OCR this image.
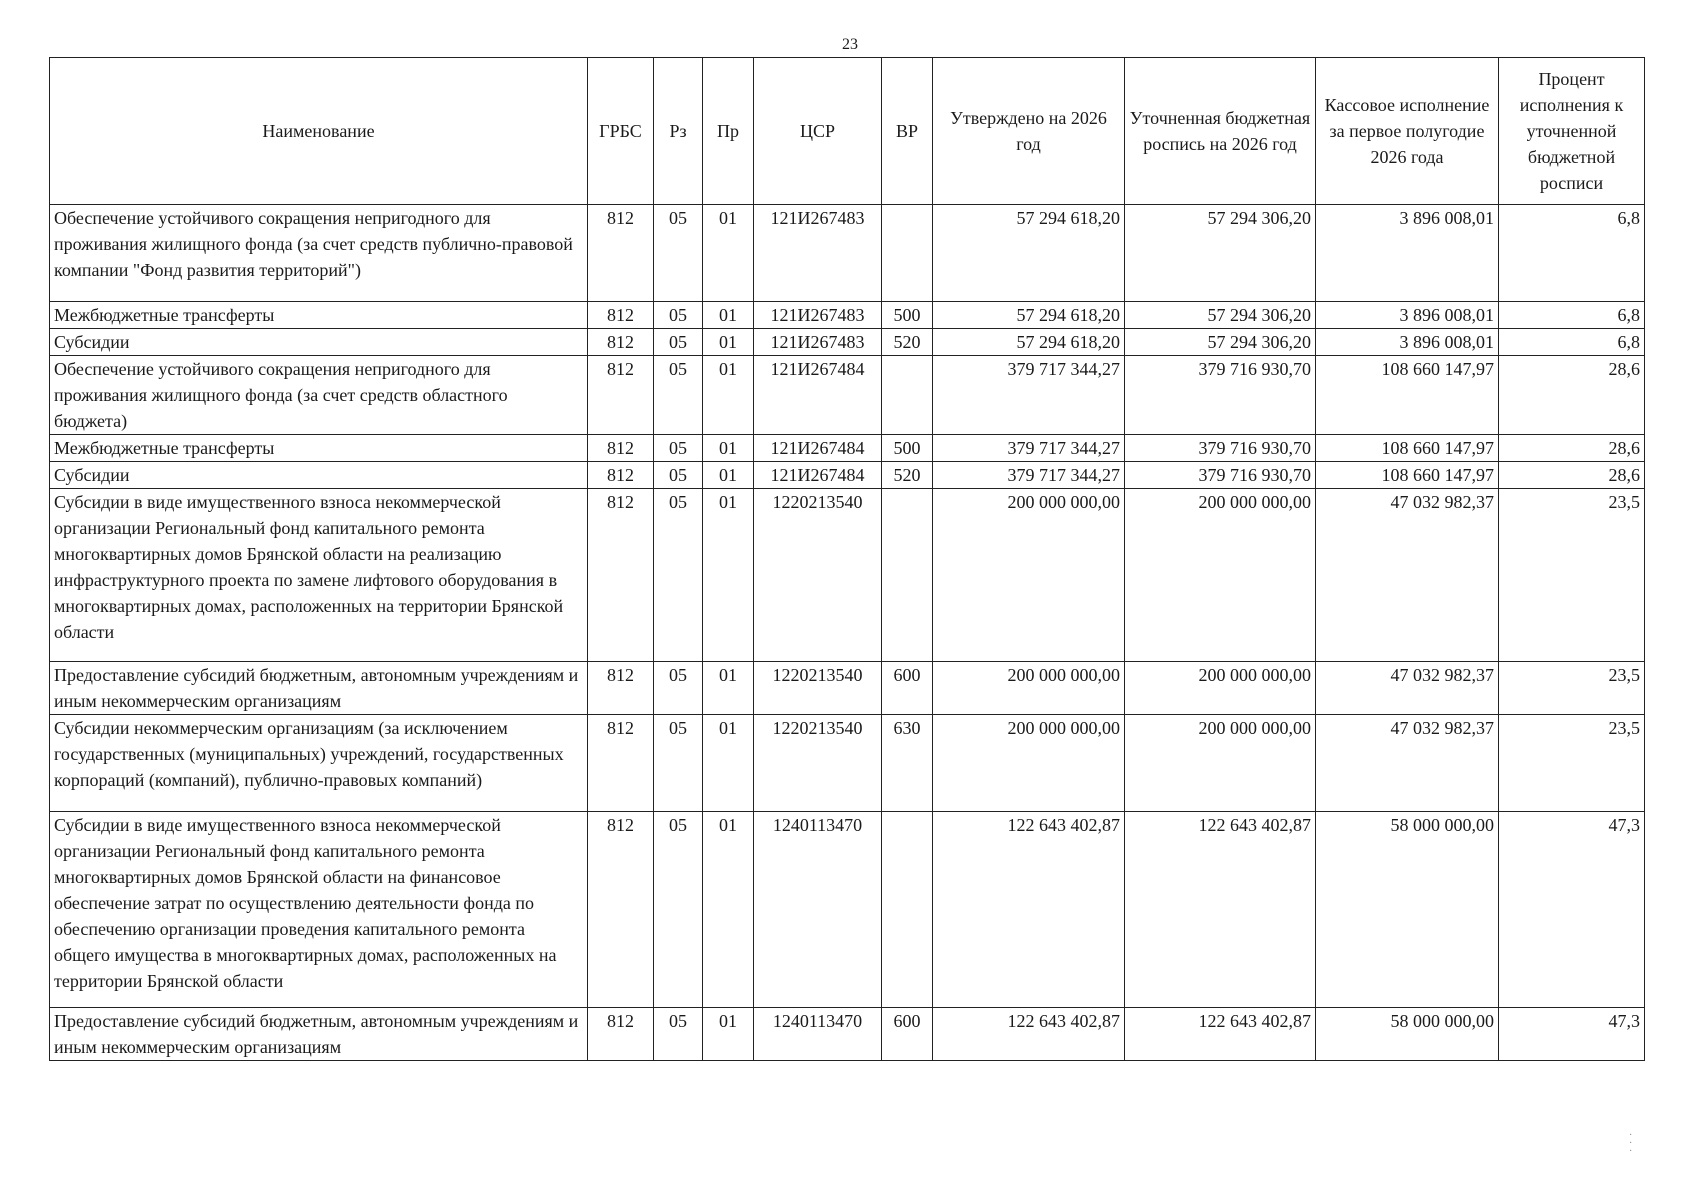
23
Наименование	ГРБС	Рз	Пр	ЦСР	ВР	Утверждено на 2026 год	Уточненная бюджетная роспись на 2026 год	Кассовое исполнение за первое полугодие 2026 года	Процент исполнения к уточненной бюджетной росписи
Обеспечение устойчивого сокращения непригодного для проживания жилищного фонда (за счет средств публично-правовой компании "Фонд развития территорий")	812	05	01	121И267483		57 294 618,20	57 294 306,20	3 896 008,01	6,8
Межбюджетные трансферты	812	05	01	121И267483	500	57 294 618,20	57 294 306,20	3 896 008,01	6,8
Субсидии	812	05	01	121И267483	520	57 294 618,20	57 294 306,20	3 896 008,01	6,8
Обеспечение устойчивого сокращения непригодного для проживания жилищного фонда (за счет средств областного бюджета)	812	05	01	121И267484		379 717 344,27	379 716 930,70	108 660 147,97	28,6
Межбюджетные трансферты	812	05	01	121И267484	500	379 717 344,27	379 716 930,70	108 660 147,97	28,6
Субсидии	812	05	01	121И267484	520	379 717 344,27	379 716 930,70	108 660 147,97	28,6
Субсидии в виде имущественного взноса некоммерческой организации Региональный фонд капитального ремонта многоквартирных домов Брянской области на реализацию инфраструктурного проекта по замене лифтового оборудования в многоквартирных домах, расположенных на территории Брянской области	812	05	01	1220213540		200 000 000,00	200 000 000,00	47 032 982,37	23,5
Предоставление субсидий бюджетным, автономным учреждениям и иным некоммерческим организациям	812	05	01	1220213540	600	200 000 000,00	200 000 000,00	47 032 982,37	23,5
Субсидии некоммерческим организациям (за исключением государственных (муниципальных) учреждений, государственных корпораций (компаний), публично-правовых компаний)	812	05	01	1220213540	630	200 000 000,00	200 000 000,00	47 032 982,37	23,5
Субсидии в виде имущественного взноса некоммерческой организации Региональный фонд капитального ремонта многоквартирных домов Брянской области на финансовое обеспечение затрат по осуществлению деятельности фонда по обеспечению организации проведения капитального ремонта общего имущества в многоквартирных домах, расположенных на территории Брянской области	812	05	01	1240113470		122 643 402,87	122 643 402,87	58 000 000,00	47,3
Предоставление субсидий бюджетным, автономным учреждениям и иным некоммерческим организациям	812	05	01	1240113470	600	122 643 402,87	122 643 402,87	58 000 000,00	47,3
·
·
·
